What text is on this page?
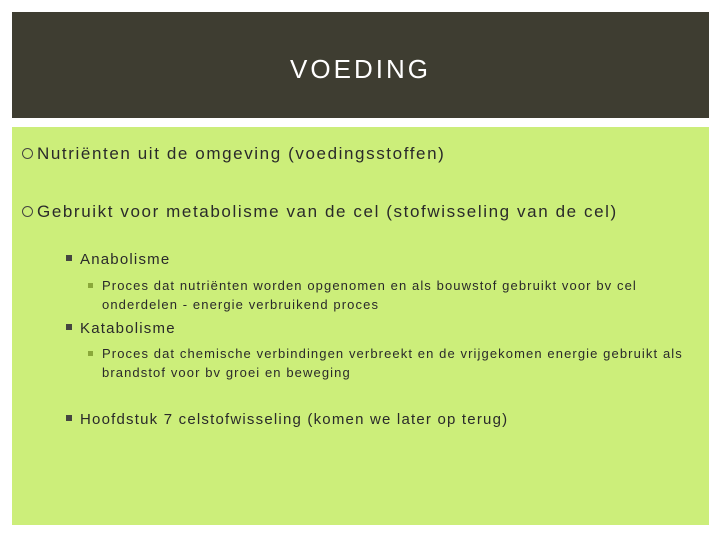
VOEDING
Nutriënten uit de omgeving (voedingsstoffen)
Gebruikt voor metabolisme van de cel (stofwisseling van de cel)
Anabolisme
Proces dat nutriënten worden opgenomen en als bouwstof gebruikt voor bv cel onderdelen - energie verbruikend proces
Katabolisme
Proces dat chemische verbindingen verbreekt en de vrijgekomen energie gebruikt als brandstof voor bv groei en beweging
Hoofdstuk 7 celstofwisseling (komen we later op terug)
